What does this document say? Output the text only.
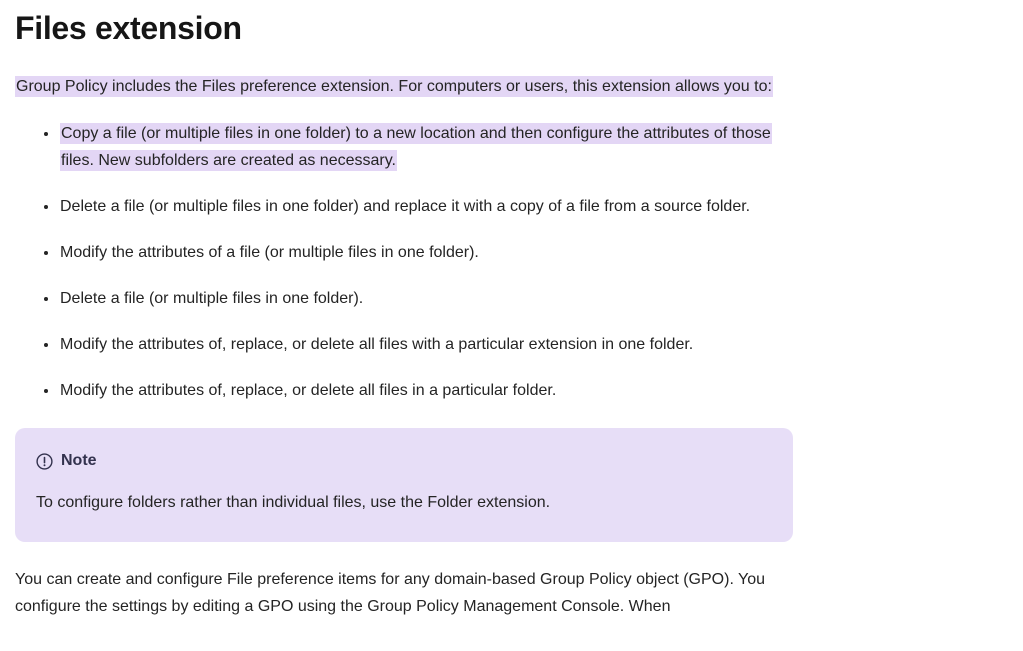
Files extension

Group Policy includes the Files preference extension. For computers or users, this extension allows you to:

• Copy a file (or multiple files in one folder) to a new location and then configure the attributes of those files. New subfolders are created as necessary.
• Delete a file (or multiple files in one folder) and replace it with a copy of a file from a source folder.
• Modify the attributes of a file (or multiple files in one folder).
• Delete a file (or multiple files in one folder).
• Modify the attributes of, replace, or delete all files with a particular extension in one folder.
• Modify the attributes of, replace, or delete all files in a particular folder.

Note

To configure folders rather than individual files, use the Folder extension.

You can create and configure File preference items for any domain-based Group Policy object (GPO). You configure the settings by editing a GPO using the Group Policy Management Console. When
